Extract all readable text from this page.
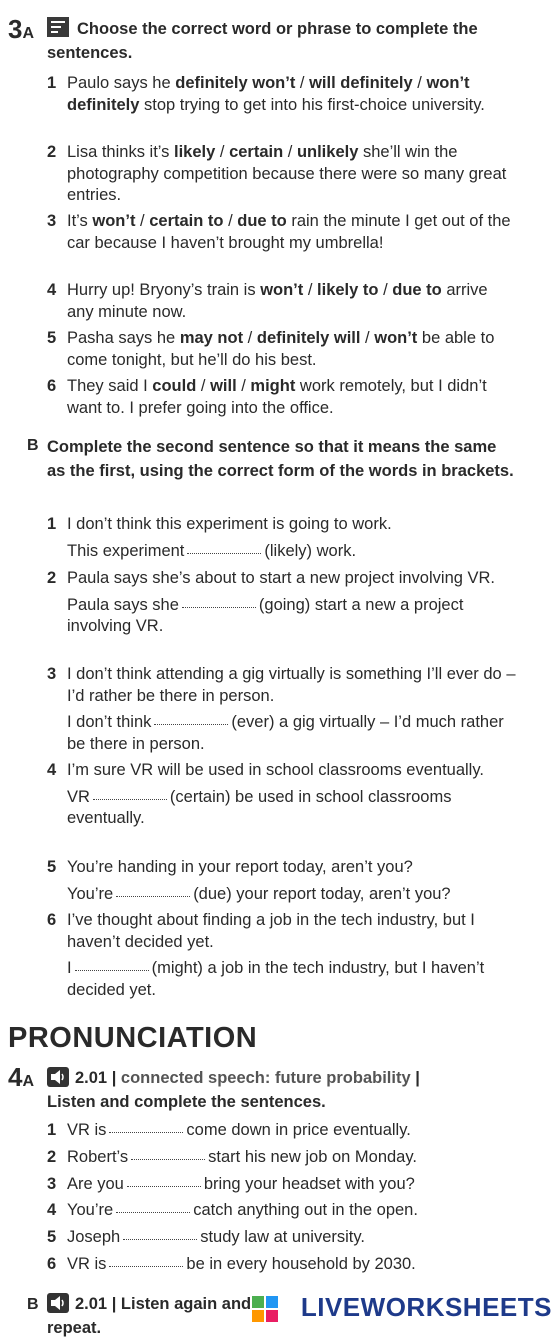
3A	Choose the correct word or phrase to complete the sentences.
1 Paulo says he definitely won’t / will definitely / won’t definitely stop trying to get into his first-choice university.
2 Lisa thinks it’s likely / certain / unlikely she’ll win the photography competition because there were so many great entries.
3 It’s won’t / certain to / due to rain the minute I get out of the car because I haven’t brought my umbrella!
4 Hurry up! Bryony’s train is won’t / likely to / due to arrive any minute now.
5 Pasha says he may not / definitely will / won’t be able to come tonight, but he’ll do his best.
6 They said I could / will / might work remotely, but I didn’t want to. I prefer going into the office.
B Complete the second sentence so that it means the same as the first, using the correct form of the words in brackets.
1 I don’t think this experiment is going to work.
This experiment	(likely) work.
2 Paula says she’s about to start a new project involving VR.
Paula says she	(going) start a new a project involving VR.
3 I don’t think attending a gig virtually is something I’ll ever do – I’d rather be there in person.
I don’t think	(ever) a gig virtually – I’d much rather be there in person.
4 I’m sure VR will be used in school classrooms eventually.
VR	(certain) be used in school classrooms eventually.
5 You’re handing in your report today, aren’t you?
You’re	(due) your report today, aren’t you?
6 I’ve thought about finding a job in the tech industry, but I haven’t decided yet.
I	(might) a job in the tech industry, but I haven’t decided yet.
PRONUNCIATION
4A	2.01 | connected speech: future probability |
Listen and complete the sentences.
1 VR is	come down in price eventually.
2 Robert’s	start his new job on Monday.
3 Are you	bring your headset with you?
4 You’re	catch anything out in the open.
5 Joseph	study law at university.
6 VR is	be in every household by 2030.
B	2.01 | Listen again and repeat.
LIVEWORKSHEETS
